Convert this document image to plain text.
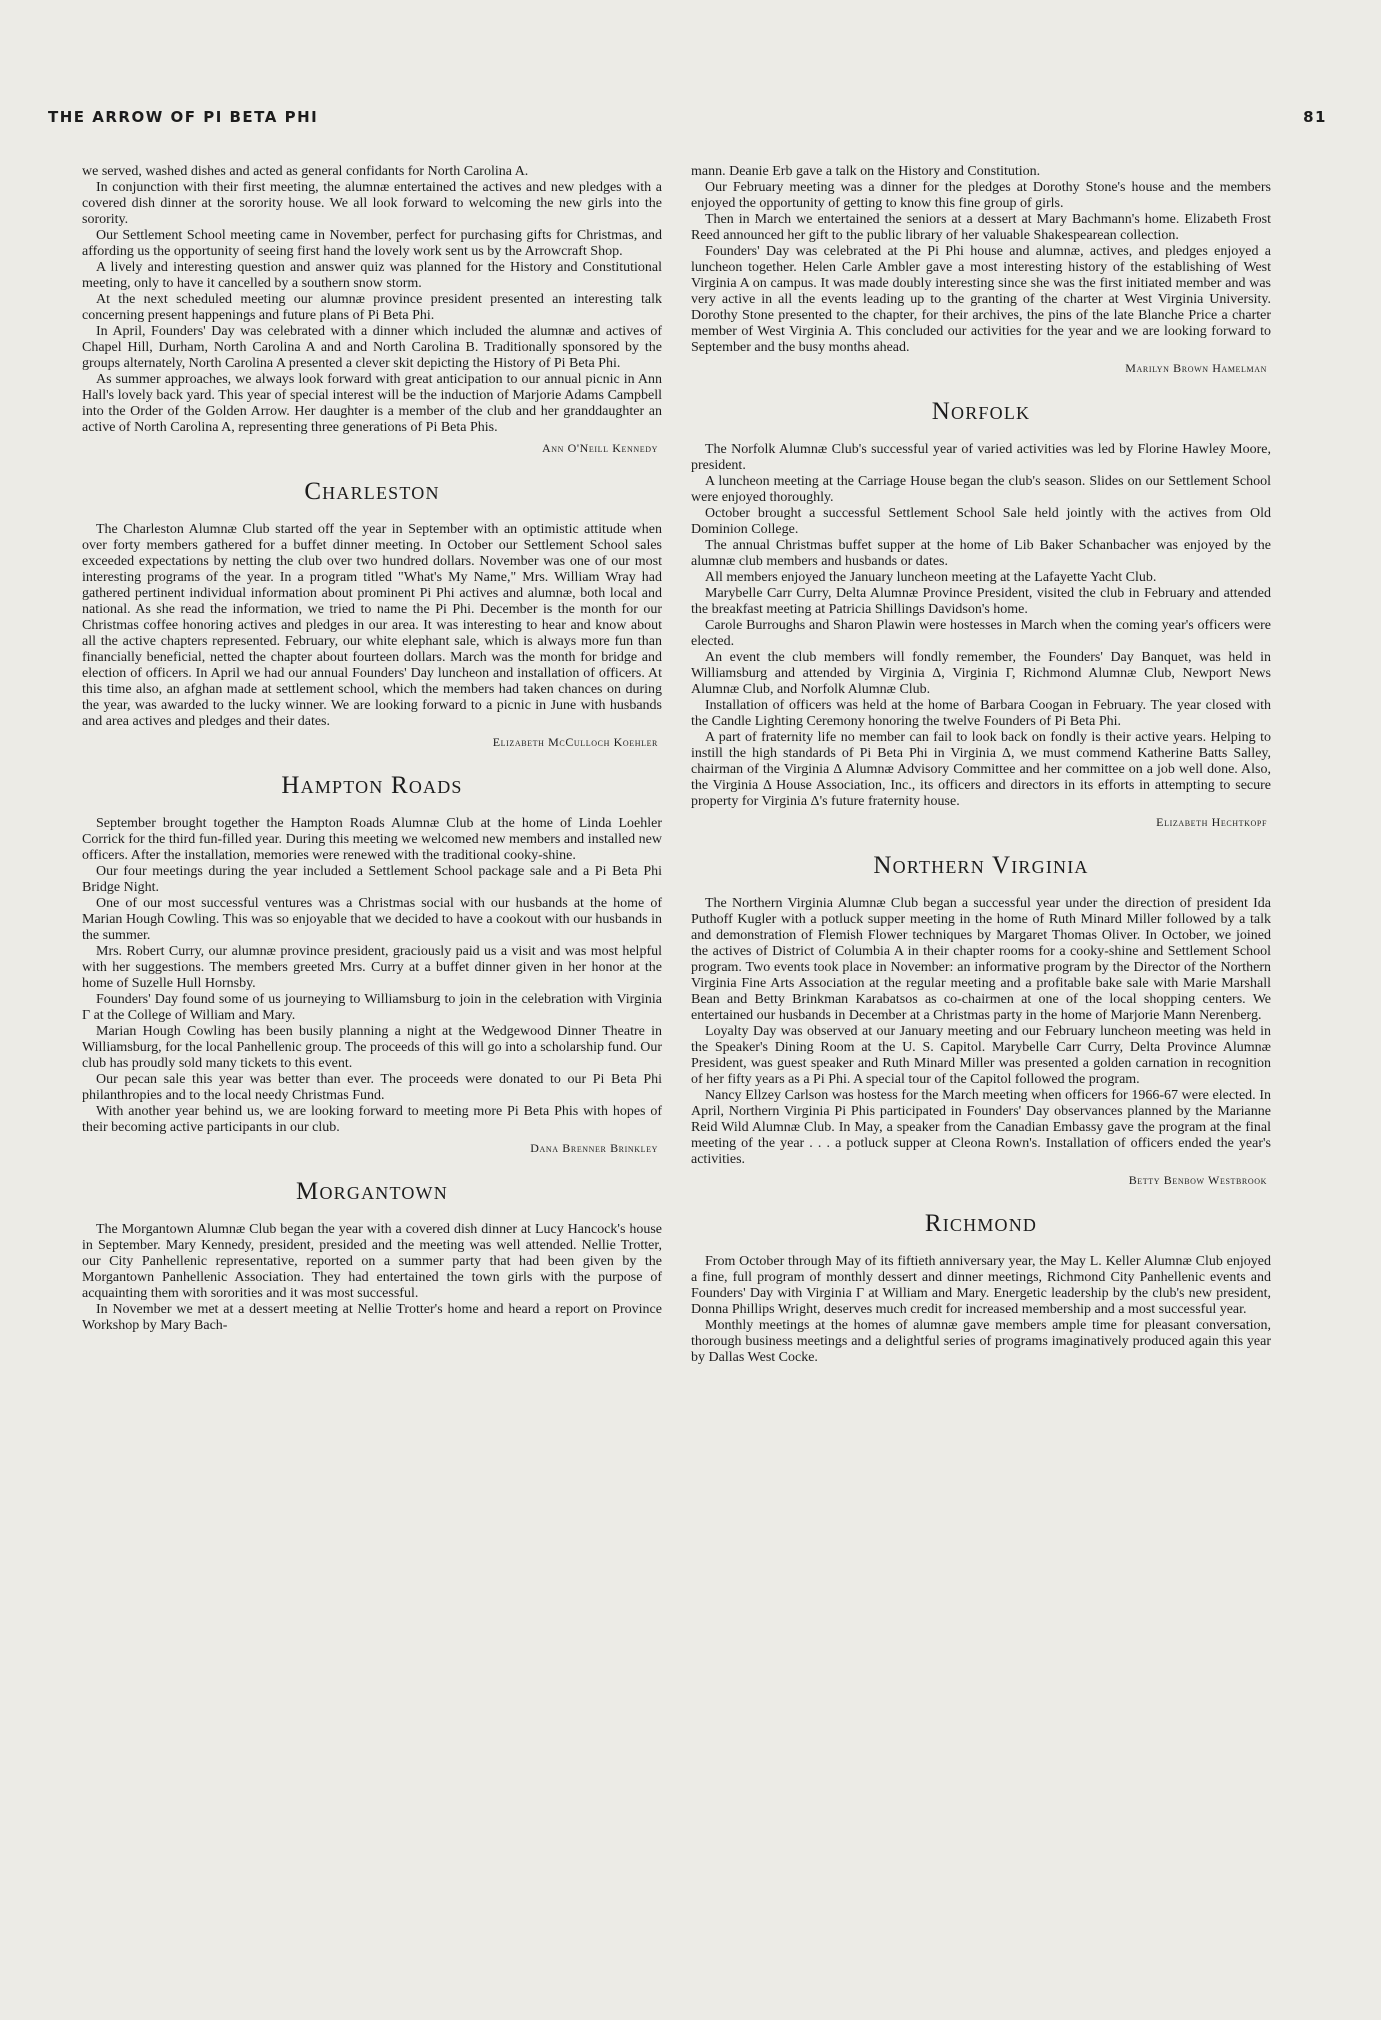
THE ARROW OF PI BETA PHI	81

we served, washed dishes and acted as general confidants for North Carolina A.

In conjunction with their first meeting, the alumnæ entertained the actives and new pledges with a covered dish dinner at the sorority house. We all look forward to welcoming the new girls into the sorority.

Our Settlement School meeting came in November, perfect for purchasing gifts for Christmas, and affording us the opportunity of seeing first hand the lovely work sent us by the Arrowcraft Shop.

A lively and interesting question and answer quiz was planned for the History and Constitutional meeting, only to have it cancelled by a southern snow storm.

At the next scheduled meeting our alumnæ province president presented an interesting talk concerning present happenings and future plans of Pi Beta Phi.

In April, Founders' Day was celebrated with a dinner which included the alumnæ and actives of Chapel Hill, Durham, North Carolina A and and North Carolina B. Traditionally sponsored by the groups alternately, North Carolina A presented a clever skit depicting the History of Pi Beta Phi.

As summer approaches, we always look forward with great anticipation to our annual picnic in Ann Hall's lovely back yard. This year of special interest will be the induction of Marjorie Adams Campbell into the Order of the Golden Arrow. Her daughter is a member of the club and her granddaughter an active of North Carolina A, representing three generations of Pi Beta Phis.

Ann O'Neill Kennedy
Charleston

The Charleston Alumnæ Club started off the year in September with an optimistic attitude when over forty members gathered for a buffet dinner meeting. In October our Settlement School sales exceeded expectations by netting the club over two hundred dollars. November was one of our most interesting programs of the year. In a program titled "What's My Name," Mrs. William Wray had gathered pertinent individual information about prominent Pi Phi actives and alumnæ, both local and national. As she read the information, we tried to name the Pi Phi. December is the month for our Christmas coffee honoring actives and pledges in our area. It was interesting to hear and know about all the active chapters represented. February, our white elephant sale, which is always more fun than financially beneficial, netted the chapter about fourteen dollars. March was the month for bridge and election of officers. In April we had our annual Founders' Day luncheon and installation of officers. At this time also, an afghan made at settlement school, which the members had taken chances on during the year, was awarded to the lucky winner. We are looking forward to a picnic in June with husbands and area actives and pledges and their dates.

Elizabeth McCulloch Koehler
Hampton Roads

September brought together the Hampton Roads Alumnæ Club at the home of Linda Loehler Corrick for the third fun-filled year. During this meeting we welcomed new members and installed new officers. After the installation, memories were renewed with the traditional cooky-shine.

Our four meetings during the year included a Settlement School package sale and a Pi Beta Phi Bridge Night.

One of our most successful ventures was a Christmas social with our husbands at the home of Marian Hough Cowling. This was so enjoyable that we decided to have a cookout with our husbands in the summer.

Mrs. Robert Curry, our alumnæ province president, graciously paid us a visit and was most helpful with her suggestions. The members greeted Mrs. Curry at a buffet dinner given in her honor at the home of Suzelle Hull Hornsby.

Founders' Day found some of us journeying to Williamsburg to join in the celebration with Virginia Γ at the College of William and Mary.

Marian Hough Cowling has been busily planning a night at the Wedgewood Dinner Theatre in Williamsburg, for the local Panhellenic group. The proceeds of this will go into a scholarship fund. Our club has proudly sold many tickets to this event.

Our pecan sale this year was better than ever. The proceeds were donated to our Pi Beta Phi philanthropies and to the local needy Christmas Fund.

With another year behind us, we are looking forward to meeting more Pi Beta Phis with hopes of their becoming active participants in our club.

Dana Brenner Brinkley
Morgantown

The Morgantown Alumnæ Club began the year with a covered dish dinner at Lucy Hancock's house in September. Mary Kennedy, president, presided and the meeting was well attended. Nellie Trotter, our City Panhellenic representative, reported on a summer party that had been given by the Morgantown Panhellenic Association. They had entertained the town girls with the purpose of acquainting them with sororities and it was most successful.

In November we met at a dessert meeting at Nellie Trotter's home and heard a report on Province Workshop by Mary Bach-

mann. Deanie Erb gave a talk on the History and Constitution.

Our February meeting was a dinner for the pledges at Dorothy Stone's house and the members enjoyed the opportunity of getting to know this fine group of girls.

Then in March we entertained the seniors at a dessert at Mary Bachmann's home. Elizabeth Frost Reed announced her gift to the public library of her valuable Shakespearean collection.

Founders' Day was celebrated at the Pi Phi house and alumnæ, actives, and pledges enjoyed a luncheon together. Helen Carle Ambler gave a most interesting history of the establishing of West Virginia A on campus. It was made doubly interesting since she was the first initiated member and was very active in all the events leading up to the granting of the charter at West Virginia University. Dorothy Stone presented to the chapter, for their archives, the pins of the late Blanche Price a charter member of West Virginia A. This concluded our activities for the year and we are looking forward to September and the busy months ahead.

Marilyn Brown Hamelman
Norfolk

The Norfolk Alumnæ Club's successful year of varied activities was led by Florine Hawley Moore, president.

A luncheon meeting at the Carriage House began the club's season. Slides on our Settlement School were enjoyed thoroughly.

October brought a successful Settlement School Sale held jointly with the actives from Old Dominion College.

The annual Christmas buffet supper at the home of Lib Baker Schanbacher was enjoyed by the alumnæ club members and husbands or dates.

All members enjoyed the January luncheon meeting at the Lafayette Yacht Club.

Marybelle Carr Curry, Delta Alumnæ Province President, visited the club in February and attended the breakfast meeting at Patricia Shillings Davidson's home.

Carole Burroughs and Sharon Plawin were hostesses in March when the coming year's officers were elected.

An event the club members will fondly remember, the Founders' Day Banquet, was held in Williamsburg and attended by Virginia Δ, Virginia Γ, Richmond Alumnæ Club, Newport News Alumnæ Club, and Norfolk Alumnæ Club.

Installation of officers was held at the home of Barbara Coogan in February. The year closed with the Candle Lighting Ceremony honoring the twelve Founders of Pi Beta Phi.

A part of fraternity life no member can fail to look back on fondly is their active years. Helping to instill the high standards of Pi Beta Phi in Virginia Δ, we must commend Katherine Batts Salley, chairman of the Virginia Δ Alumnæ Advisory Committee and her committee on a job well done. Also, the Virginia Δ House Association, Inc., its officers and directors in its efforts in attempting to secure property for Virginia Δ's future fraternity house.

Elizabeth Hechtkopf
Northern Virginia

The Northern Virginia Alumnæ Club began a successful year under the direction of president Ida Puthoff Kugler with a potluck supper meeting in the home of Ruth Minard Miller followed by a talk and demonstration of Flemish Flower techniques by Margaret Thomas Oliver. In October, we joined the actives of District of Columbia A in their chapter rooms for a cooky-shine and Settlement School program. Two events took place in November: an informative program by the Director of the Northern Virginia Fine Arts Association at the regular meeting and a profitable bake sale with Marie Marshall Bean and Betty Brinkman Karabatsos as co-chairmen at one of the local shopping centers. We entertained our husbands in December at a Christmas party in the home of Marjorie Mann Nerenberg.

Loyalty Day was observed at our January meeting and our February luncheon meeting was held in the Speaker's Dining Room at the U. S. Capitol. Marybelle Carr Curry, Delta Province Alumnæ President, was guest speaker and Ruth Minard Miller was presented a golden carnation in recognition of her fifty years as a Pi Phi. A special tour of the Capitol followed the program.

Nancy Ellzey Carlson was hostess for the March meeting when officers for 1966-67 were elected. In April, Northern Virginia Pi Phis participated in Founders' Day observances planned by the Marianne Reid Wild Alumnæ Club. In May, a speaker from the Canadian Embassy gave the program at the final meeting of the year . . . a potluck supper at Cleona Rown's. Installation of officers ended the year's activities.

Betty Benbow Westbrook
Richmond

From October through May of its fiftieth anniversary year, the May L. Keller Alumnæ Club enjoyed a fine, full program of monthly dessert and dinner meetings, Richmond City Panhellenic events and Founders' Day with Virginia Γ at William and Mary. Energetic leadership by the club's new president, Donna Phillips Wright, deserves much credit for increased membership and a most successful year.

Monthly meetings at the homes of alumnæ gave members ample time for pleasant conversation, thorough business meetings and a delightful series of programs imaginatively produced again this year by Dallas West Cocke.
